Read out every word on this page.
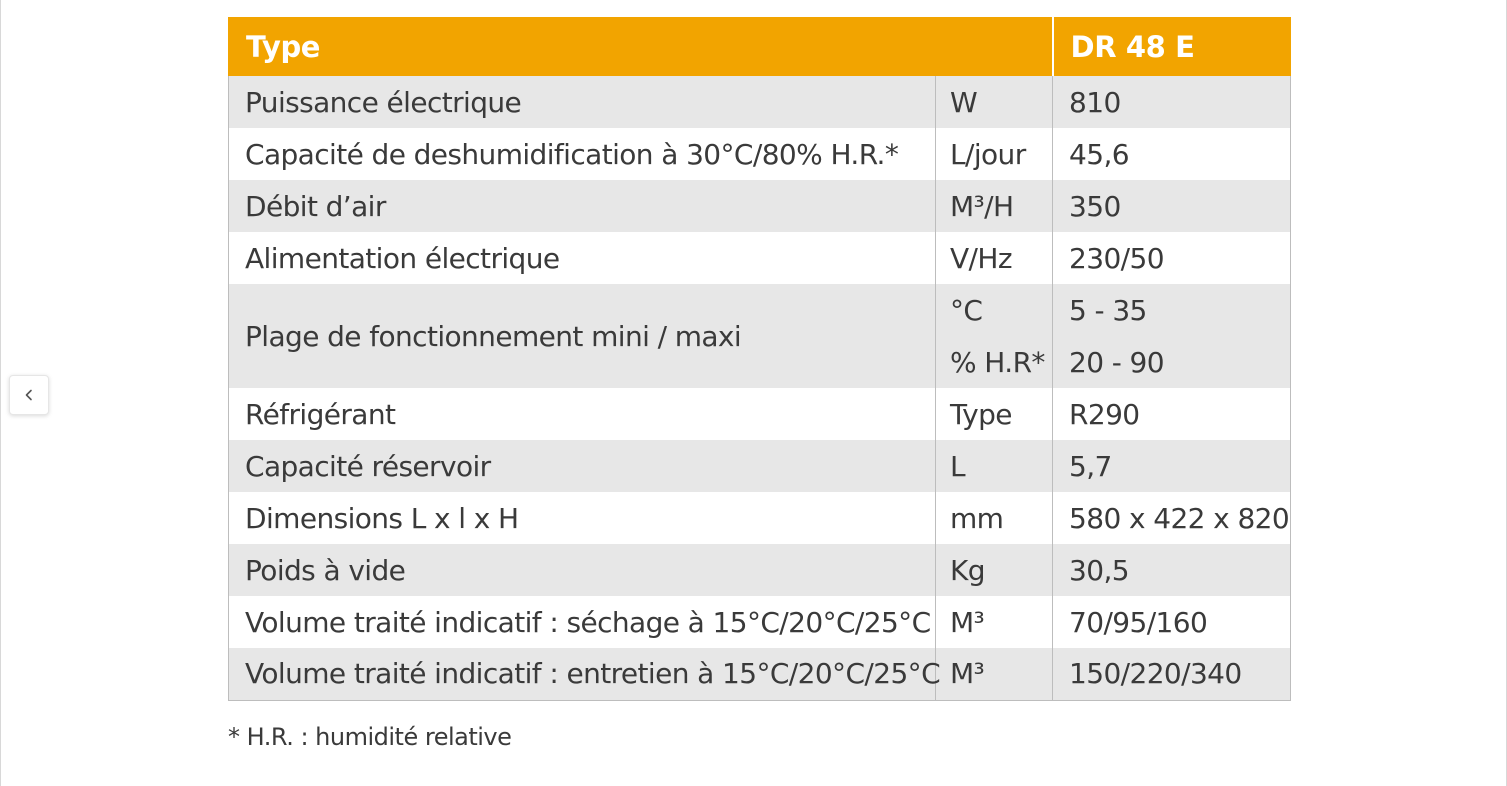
Type		DR 48 E
Puissance électrique	W	810
Capacité de deshumidification à 30°C/80% H.R.*	L/jour	45,6
Débit d’air	M³/H	350
Alimentation électrique	V/Hz	230/50
Plage de fonctionnement mini / maxi	°C	5 - 35
	% H.R*	20 - 90
Réfrigérant	Type	R290
Capacité réservoir	L	5,7
Dimensions L x l x H	mm	580 x 422 x 820
Poids à vide	Kg	30,5
Volume traité indicatif : séchage à 15°C/20°C/25°C	M³	70/95/160
Volume traité indicatif : entretien à 15°C/20°C/25°C	M³	150/220/340

* H.R. : humidité relative
